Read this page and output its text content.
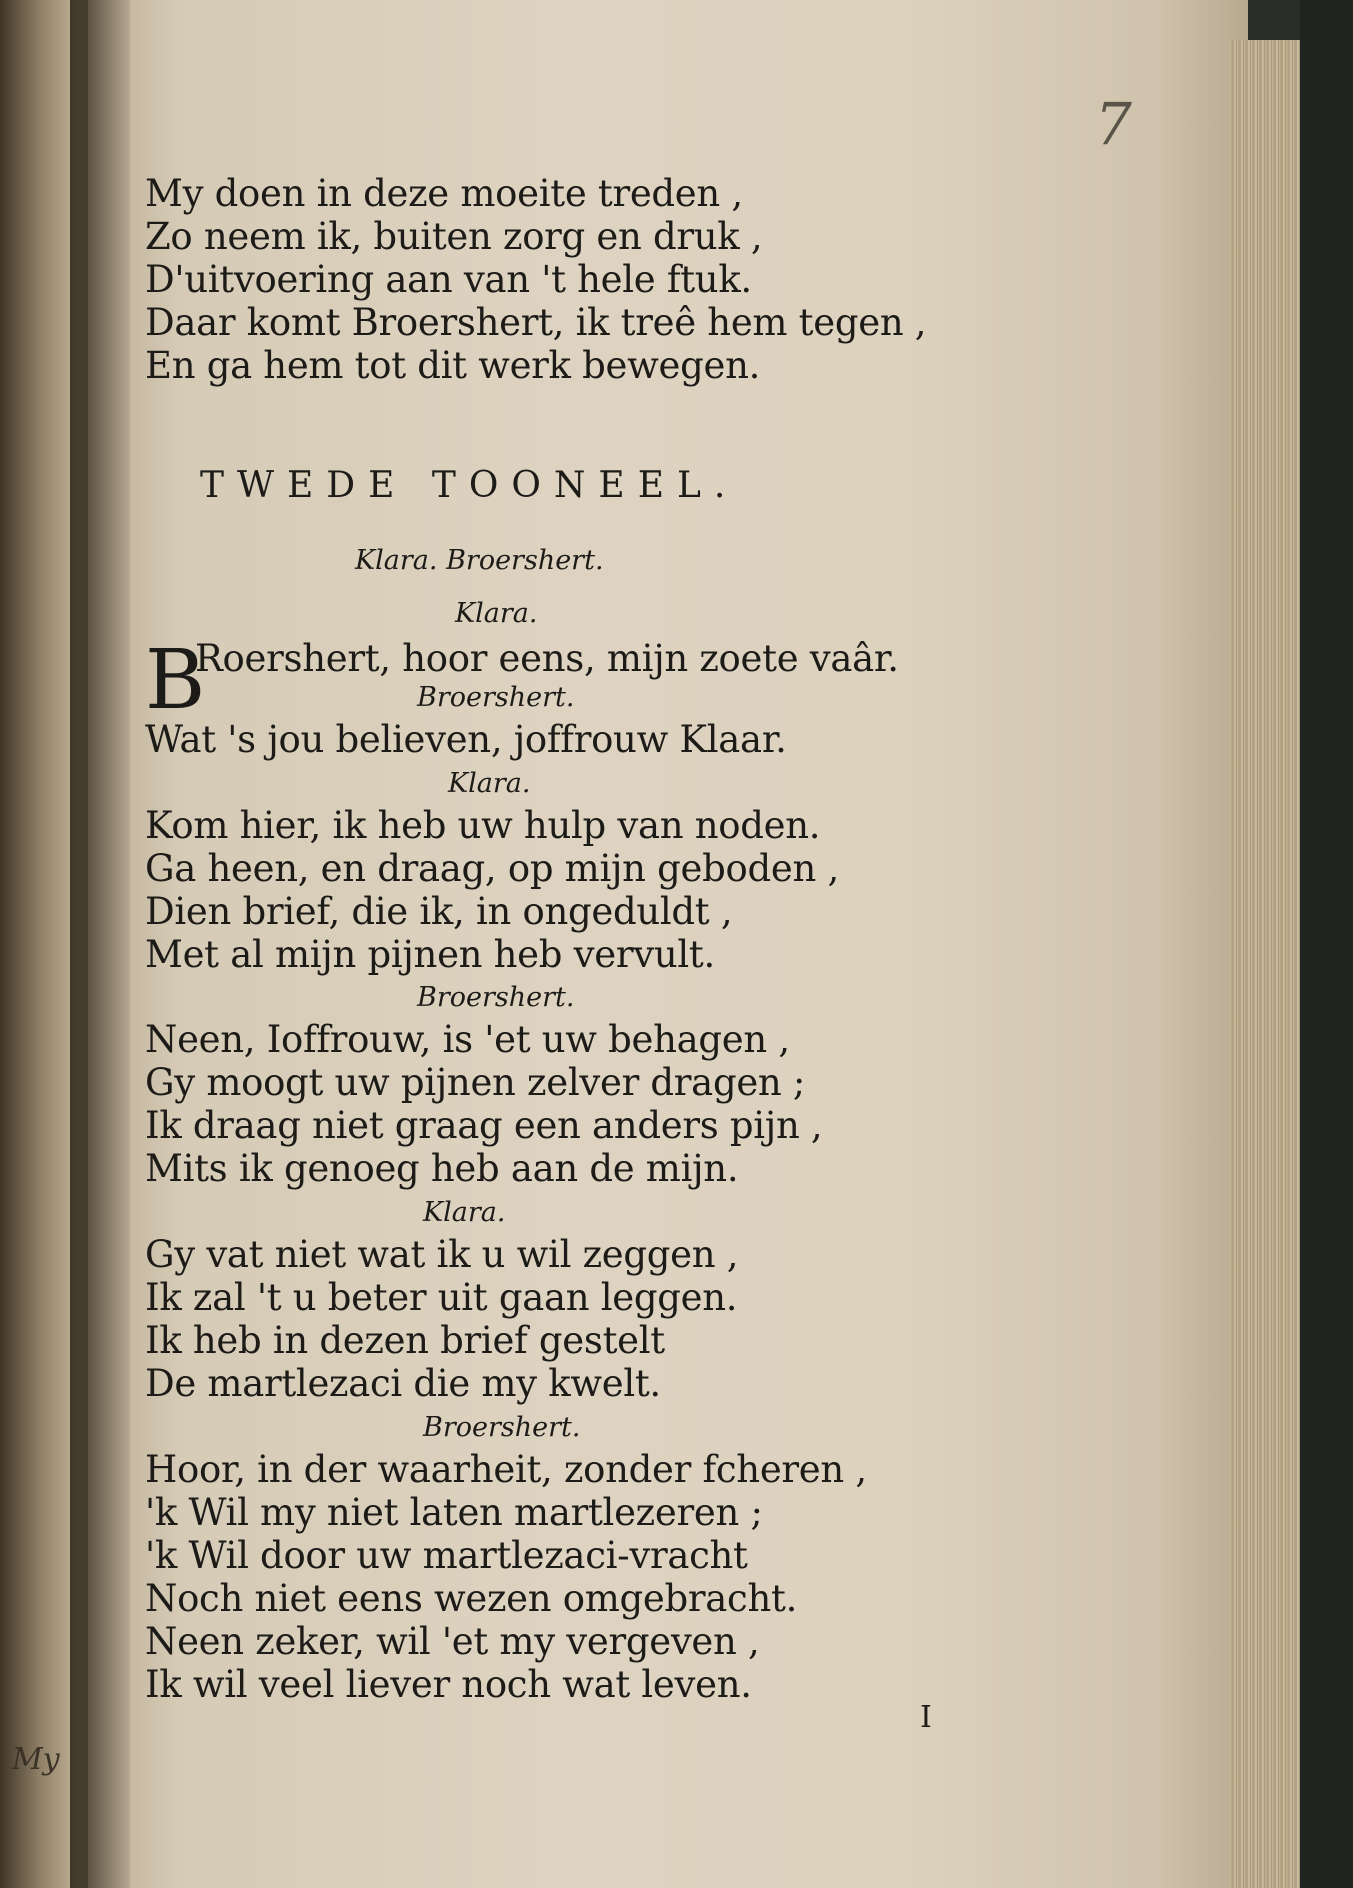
My
7
My doen in deze moeite treden ,
Zo neem ik, buiten zorg en druk ,
D'uitvoering aan van 't hele ftuk.
Daar komt Broershert, ik treê hem tegen ,
En ga hem tot dit werk bewegen.
TWEDE TOONEEL.
Klara. Broershert.
Klara.
B
Roershert, hoor eens, mijn zoete vaâr.
Broershert.
Wat 's jou believen, joffrouw Klaar.
Klara.
Kom hier, ik heb uw hulp van noden.
Ga heen, en draag, op mijn geboden ,
Dien brief, die ik, in ongeduldt ,
Met al mijn pijnen heb vervult.
Broershert.
Neen, Ioffrouw, is 'et uw behagen ,
Gy moogt uw pijnen zelver dragen ;
Ik draag niet graag een anders pijn ,
Mits ik genoeg heb aan de mijn.
Klara.
Gy vat niet wat ik u wil zeggen ,
Ik zal 't u beter uit gaan leggen.
Ik heb in dezen brief gestelt
De martlezaci die my kwelt.
Broershert.
Hoor, in der waarheit, zonder fcheren ,
'k Wil my niet laten martlezeren ;
'k Wil door uw martlezaci-vracht
Noch niet eens wezen omgebracht.
Neen zeker, wil 'et my vergeven ,
Ik wil veel liever noch wat leven.
I
